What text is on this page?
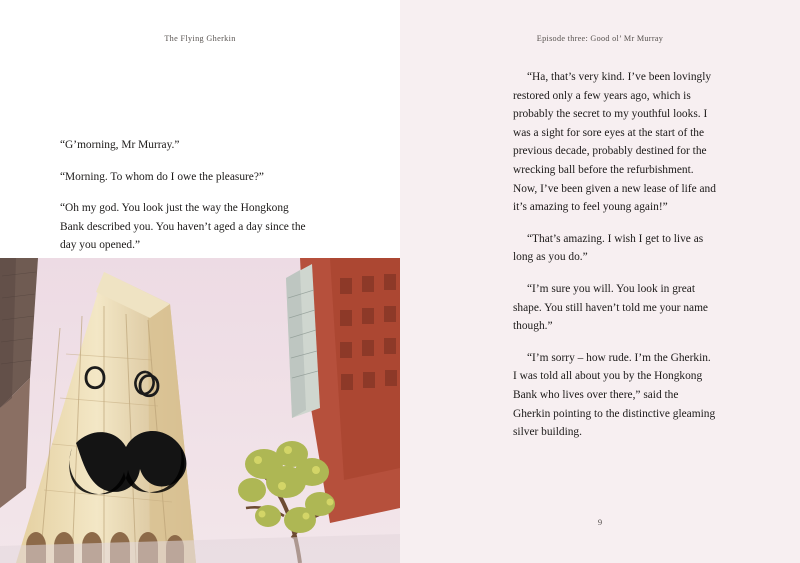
The Flying Gherkin

“G’morning, Mr Murray.”

“Morning. To whom do I owe the pleasure?”

“Oh my god. You look just the way the Hongkong Bank described you. You haven’t aged a day since the day you opened.”

Episode three: Good ol’ Mr Murray

“Ha, that’s very kind. I’ve been lovingly restored only a few years ago, which is probably the secret to my youthful looks. I was a sight for sore eyes at the start of the previous decade, probably destined for the wrecking ball before the refurbishment. Now, I’ve been given a new lease of life and it’s amazing to feel young again!”

“That’s amazing. I wish I get to live as long as you do.”

“I’m sure you will. You look in great shape. You still haven’t told me your name though.”

“I’m sorry – how rude. I’m the Gherkin. I was told all about you by the Hongkong Bank who lives over there,” said the Gherkin pointing to the distinctive gleaming silver building.

9
